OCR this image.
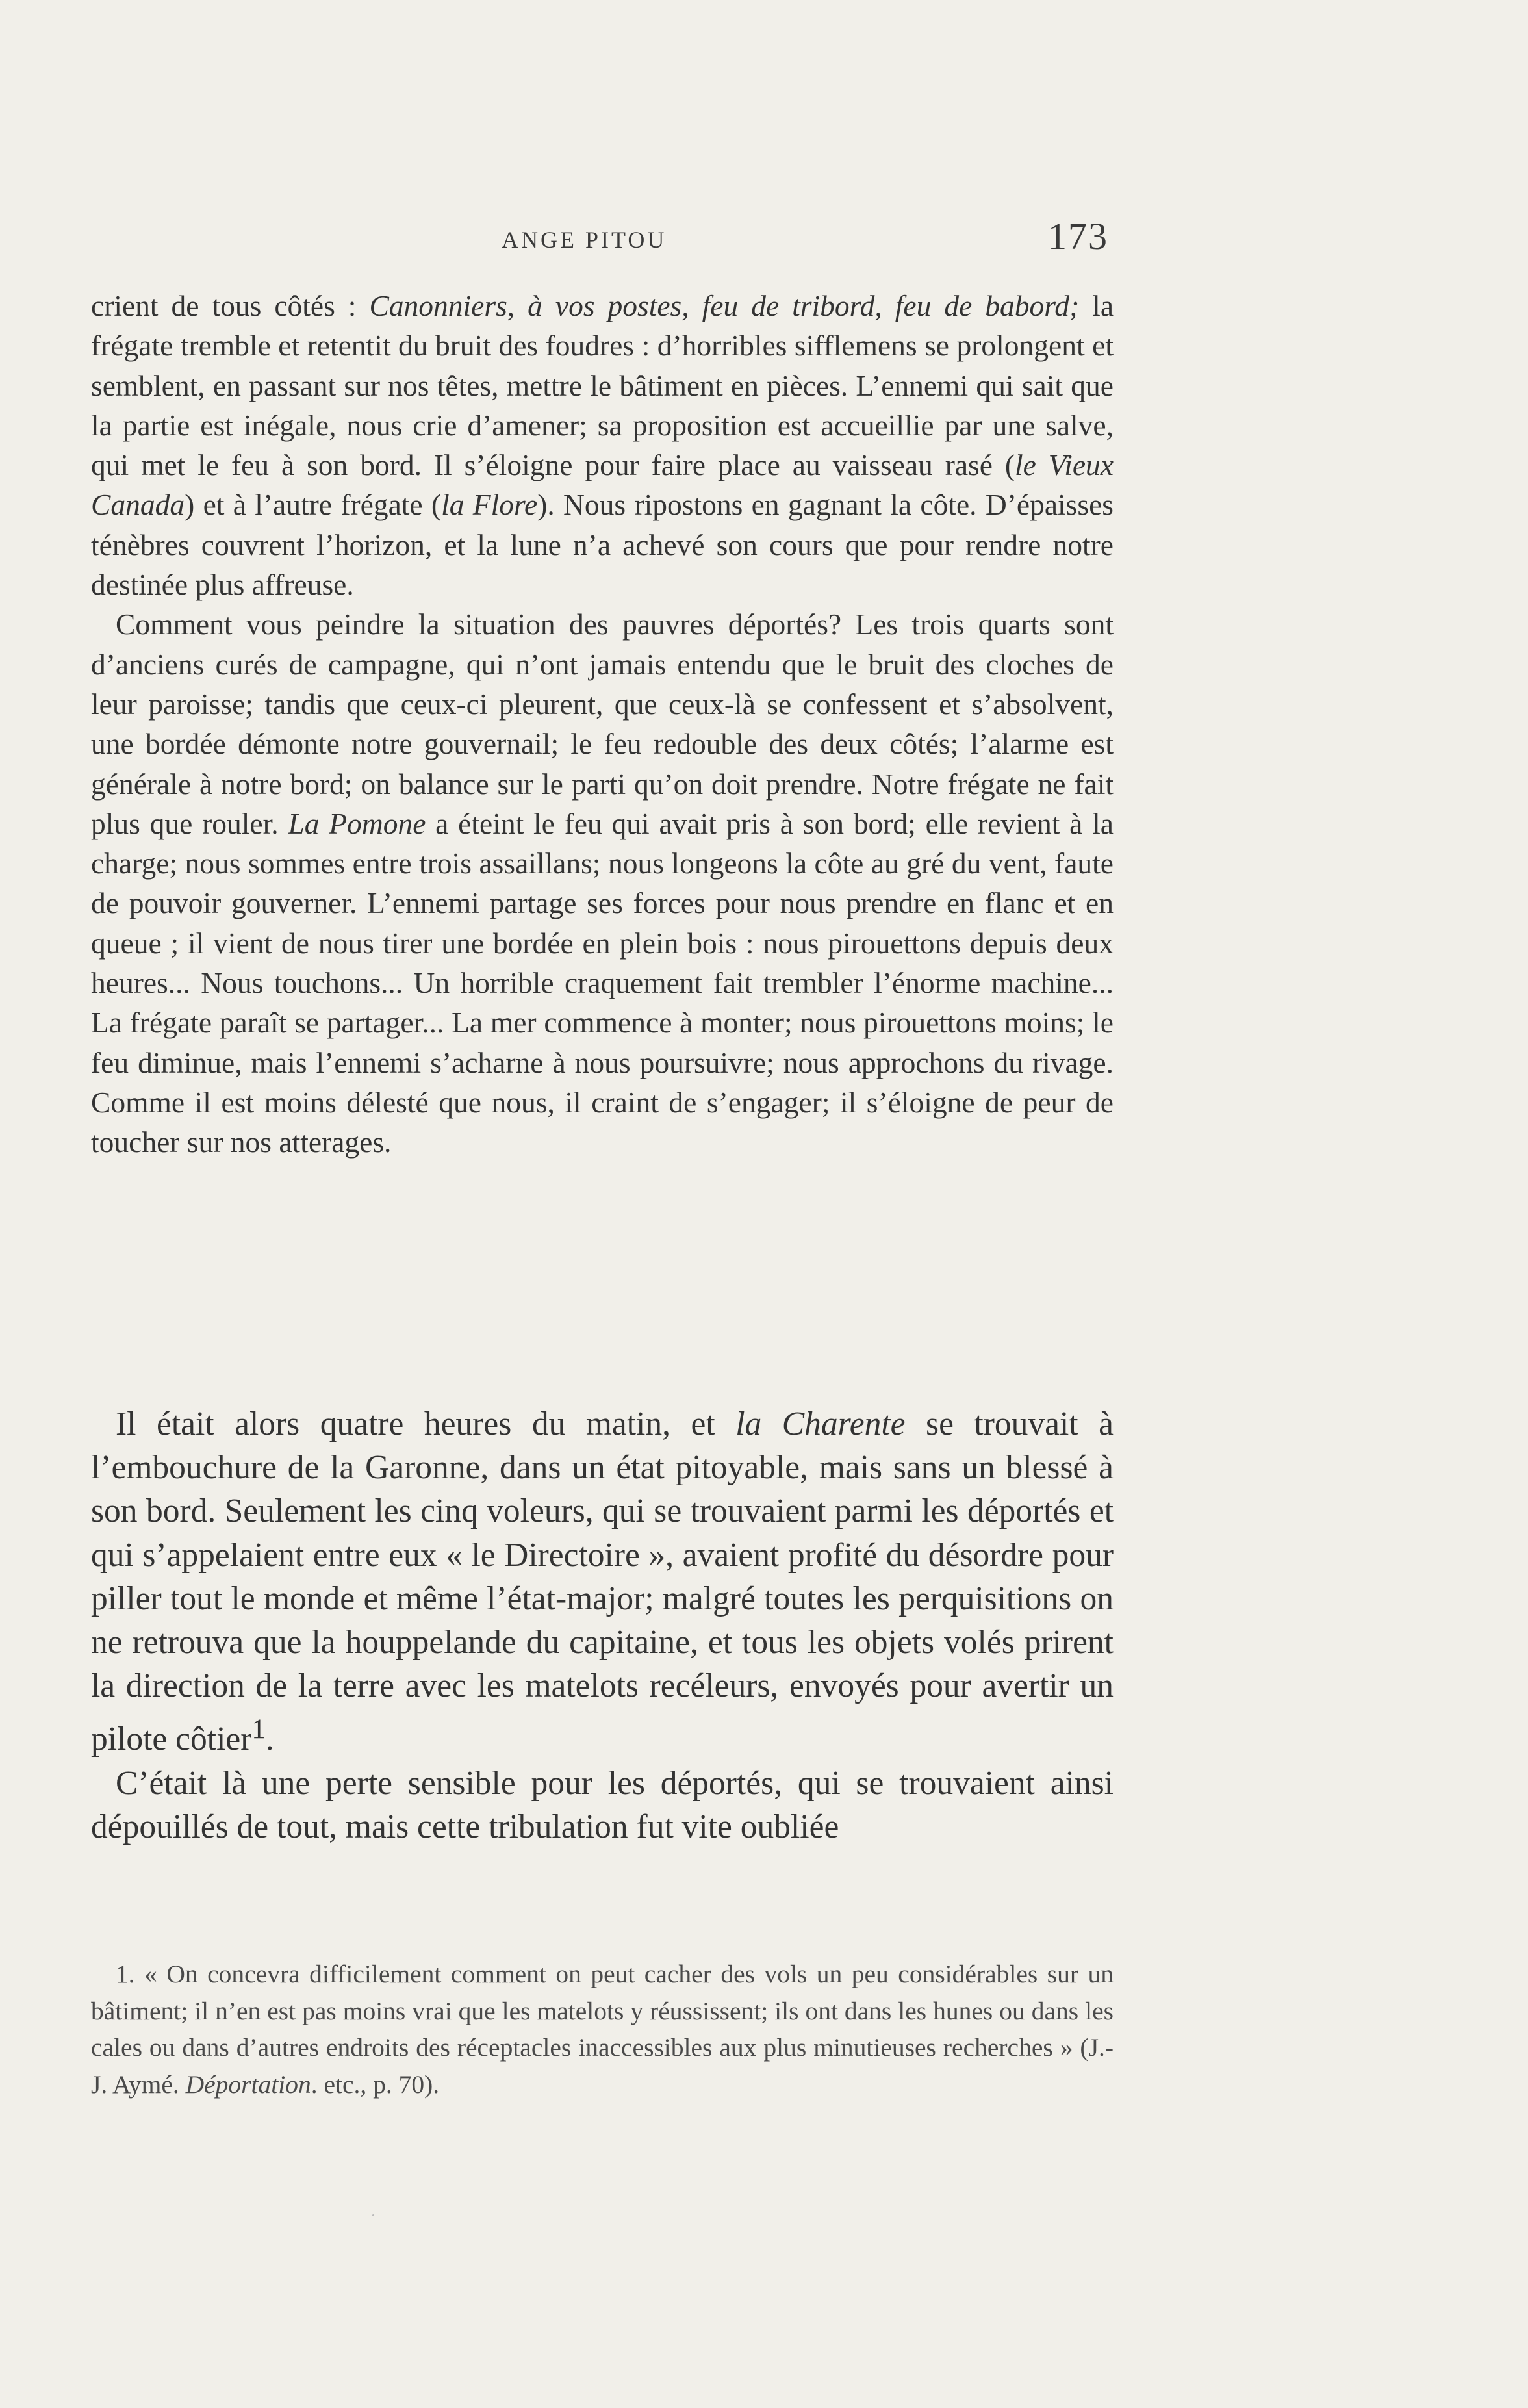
ANGE PITOU	173

crient de tous côtés : Canonniers, à vos postes, feu de tribord, feu de babord; la frégate tremble et retentit du bruit des foudres : d’horribles sifflemens se prolongent et semblent, en passant sur nos têtes, mettre le bâtiment en pièces. L’ennemi qui sait que la partie est inégale, nous crie d’amener; sa proposition est accueillie par une salve, qui met le feu à son bord. Il s’éloigne pour faire place au vaisseau rasé (le Vieux Canada) et à l’autre frégate (la Flore). Nous ripostons en gagnant la côte. D’épaisses ténèbres couvrent l’horizon, et la lune n’a achevé son cours que pour rendre notre destinée plus affreuse.

Comment vous peindre la situation des pauvres déportés? Les trois quarts sont d’anciens curés de campagne, qui n’ont jamais entendu que le bruit des cloches de leur paroisse; tandis que ceux-ci pleurent, que ceux-là se confessent et s’absolvent, une bordée démonte notre gouvernail; le feu redouble des deux côtés; l’alarme est générale à notre bord; on balance sur le parti qu’on doit prendre. Notre frégate ne fait plus que rouler. La Pomone a éteint le feu qui avait pris à son bord; elle revient à la charge; nous sommes entre trois assaillans; nous longeons la côte au gré du vent, faute de pouvoir gouverner. L’ennemi partage ses forces pour nous prendre en flanc et en queue ; il vient de nous tirer une bordée en plein bois : nous pirouettons depuis deux heures... Nous touchons... Un horrible craquement fait trembler l’énorme machine... La frégate paraît se partager... La mer commence à monter; nous pirouettons moins; le feu diminue, mais l’ennemi s’acharne à nous poursuivre; nous approchons du rivage. Comme il est moins délesté que nous, il craint de s’engager; il s’éloigne de peur de toucher sur nos atterages.

Il était alors quatre heures du matin, et la Charente se trouvait à l’embouchure de la Garonne, dans un état pitoyable, mais sans un blessé à son bord. Seulement les cinq voleurs, qui se trouvaient parmi les déportés et qui s’appelaient entre eux « le Directoire », avaient profité du désordre pour piller tout le monde et même l’état-major; malgré toutes les perquisitions on ne retrouva que la houppelande du capitaine, et tous les objets volés prirent la direction de la terre avec les matelots recéleurs, envoyés pour avertir un pilote côtier$^1$.

C’était là une perte sensible pour les déportés, qui se trouvaient ainsi dépouillés de tout, mais cette tribulation fut vite oubliée

1. « On concevra difficilement comment on peut cacher des vols un peu considérables sur un bâtiment; il n’en est pas moins vrai que les matelots y réussissent; ils ont dans les hunes ou dans les cales ou dans d’autres endroits des réceptacles inaccessibles aux plus minutieuses recherches » (J.-J. Aymé. Déportation. etc., p. 70).
